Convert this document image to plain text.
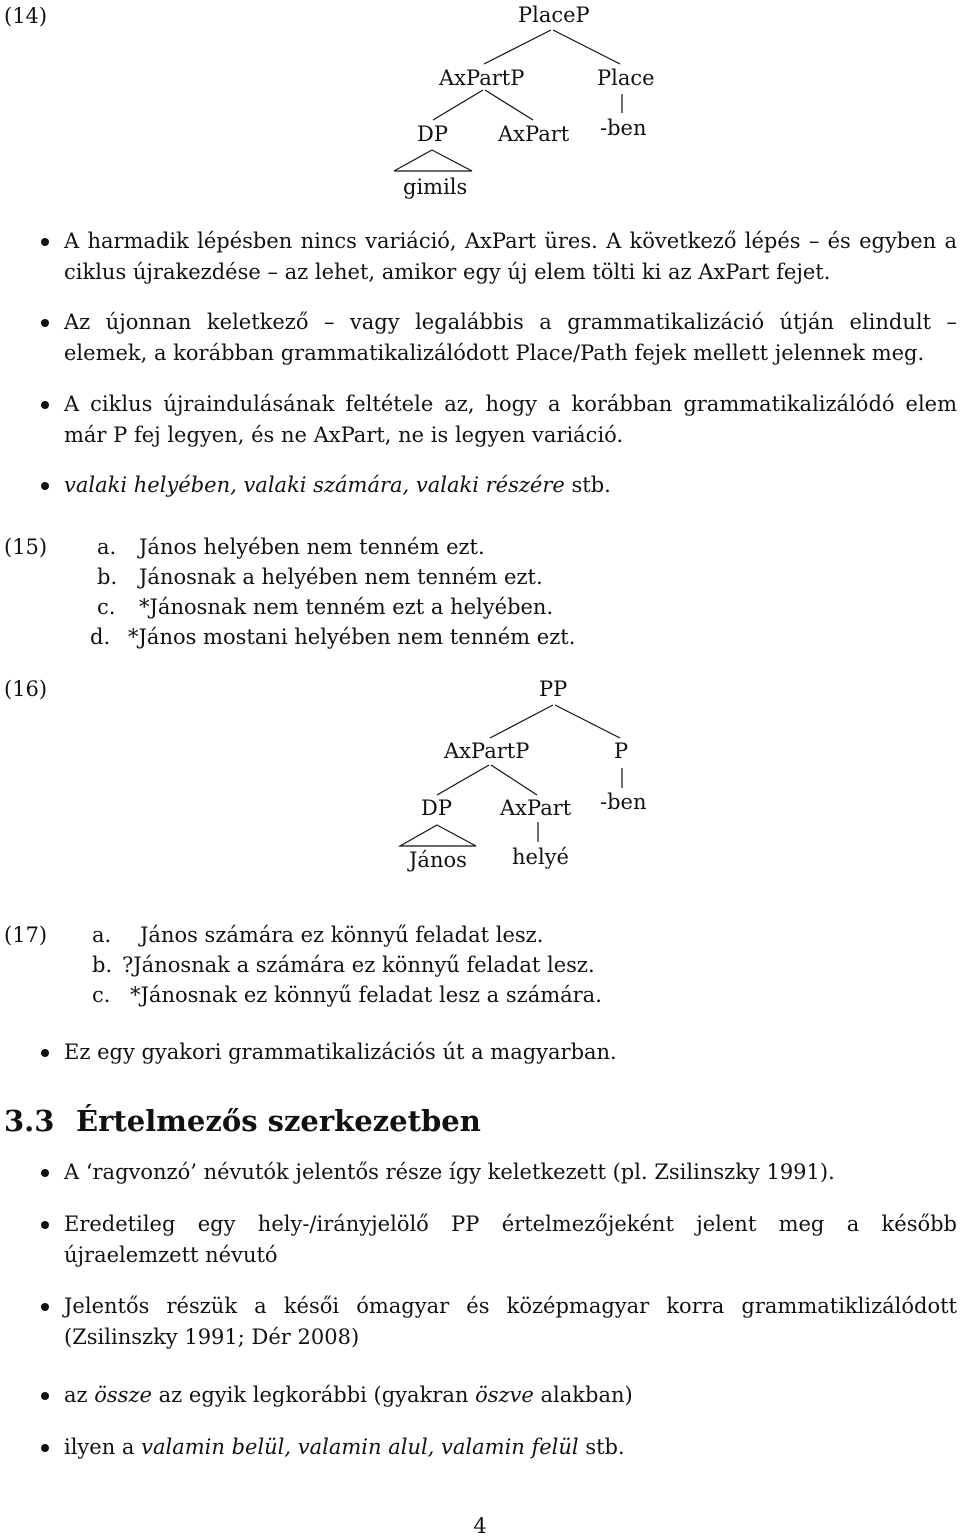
(14)	PlaceP
AxPartP	Place
DP AxPart -ben
gimils
A harmadik lépésben nincs variáció, AxPart üres. A következő lépés – és egyben a ciklus újrakezdése – az lehet, amikor egy új elem tölti ki az AxPart fejet.
Az újonnan keletkező – vagy legalábbis a grammatikalizáció útján elindult – elemek, a korábban grammatikalizálódott Place/Path fejek mellett jelennek meg.
A ciklus újraindulásának feltétele az, hogy a korábban grammatikalizálódó elem már P fej legyen, és ne AxPart, ne is legyen variáció.
valaki helyében, valaki számára, valaki részére stb.
(15) a. János helyében nem tenném ezt.
b. Jánosnak a helyében nem tenném ezt.
c. *Jánosnak nem tenném ezt a helyében.
d. *János mostani helyében nem tenném ezt.
(16)	PP
AxPartP	P
DP AxPart -ben
János helyé
(17) a. János számára ez könnyű feladat lesz.
b. ?Jánosnak a számára ez könnyű feladat lesz.
c. *Jánosnak ez könnyű feladat lesz a számára.
Ez egy gyakori grammatikalizációs út a magyarban.
3.3 Értelmezős szerkezetben
A ‘ragvonzó’ névutók jelentős része így keletkezett (pl. Zsilinszky 1991).
Eredetileg egy hely-/irányjelölő PP értelmezőjeként jelent meg a később újraelemzett névutó
Jelentős részük a késői ómagyar és középmagyar korra grammatiklizálódott (Zsilinszky 1991; Dér 2008)
az össze az egyik legkorábbi (gyakran öszve alakban)
ilyen a valamin belül, valamin alul, valamin felül stb.
4
